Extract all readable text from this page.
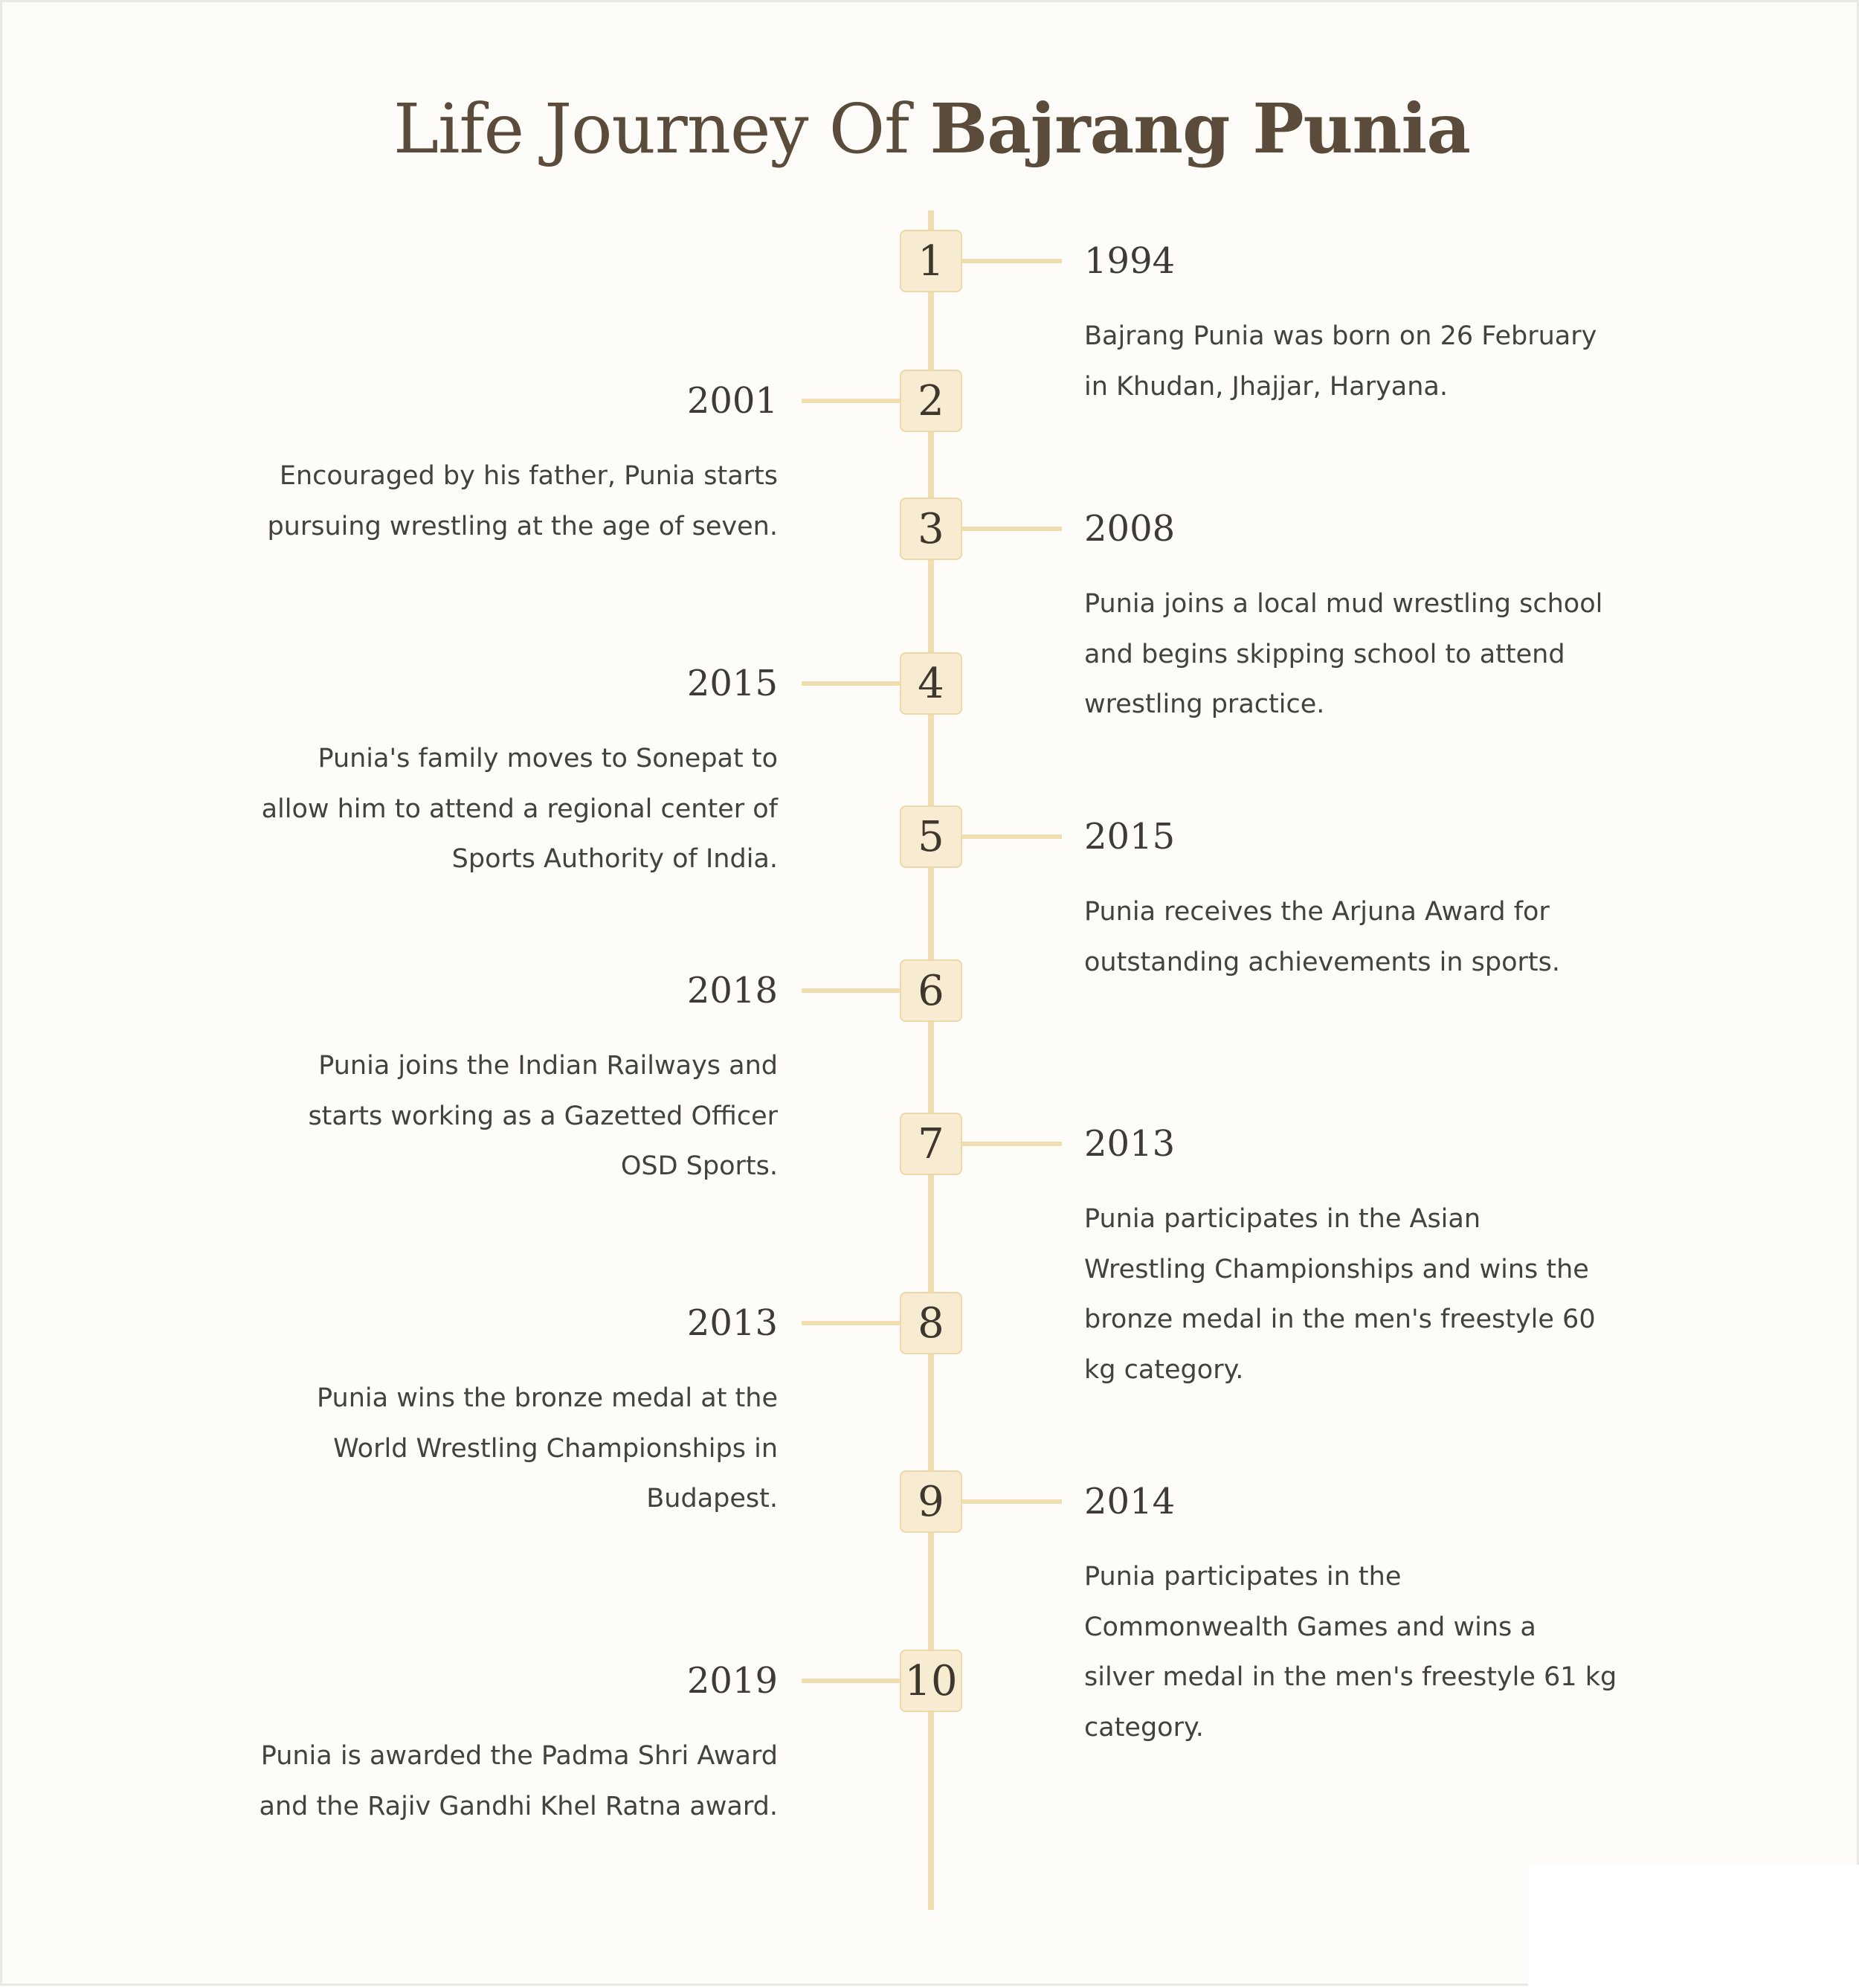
Life Journey Of Bajrang Punia
1	1994
Bajrang Punia was born on 26 February
in Khudan, Jhajjar, Haryana.
2
2001
Encouraged by his father, Punia starts
pursuing wrestling at the age of seven.	3	2008
Punia joins a local mud wrestling school
and begins skipping school to attend
wrestling practice.
4
2015
Punia's family moves to Sonepat to
allow him to attend a regional center of
Sports Authority of India.	5	2015
Punia receives the Arjuna Award for
outstanding achievements in sports.
6
2018
Punia joins the Indian Railways and
starts working as a Gazetted Officer
OSD Sports.	7	2013
Punia participates in the Asian
Wrestling Championships and wins the
bronze medal in the men's freestyle 60
kg category.
8
2013
Punia wins the bronze medal at the
World Wrestling Championships in
Budapest.	9	2014
Punia participates in the
Commonwealth Games and wins a
silver medal in the men's freestyle 61 kg
category.
10
2019
Punia is awarded the Padma Shri Award
and the Rajiv Gandhi Khel Ratna award.
